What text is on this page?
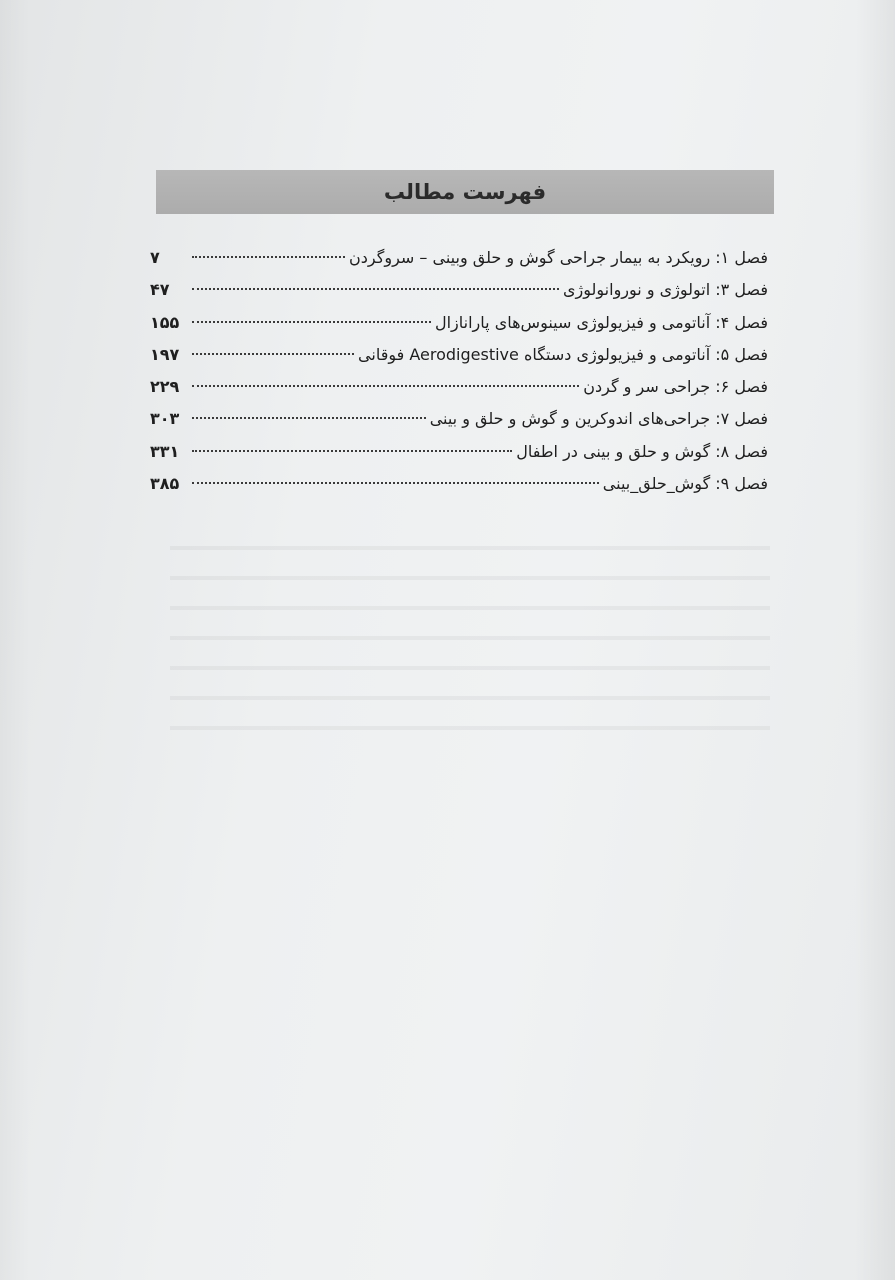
فهرست مطالب
فصل ۱: رویکرد به بیمار جراحی گوش و حلق وبینی – سروگردن
۷
فصل ۳: اتولوژی و نوروانولوژی
۴۷
فصل ۴: آناتومی و فیزیولوژی سینوس‌های پارانازال
۱۵۵
فصل ۵: آناتومی و فیزیولوژی دستگاه Aerodigestive فوقانی
۱۹۷
فصل ۶: جراحی سر و گردن
۲۲۹
فصل ۷: جراحی‌های اندوکرین و گوش و حلق و بینی
۳۰۳
فصل ۸: گوش و حلق و بینی در اطفال
۳۳۱
فصل ۹: گوش_حلق_بینی
۳۸۵
